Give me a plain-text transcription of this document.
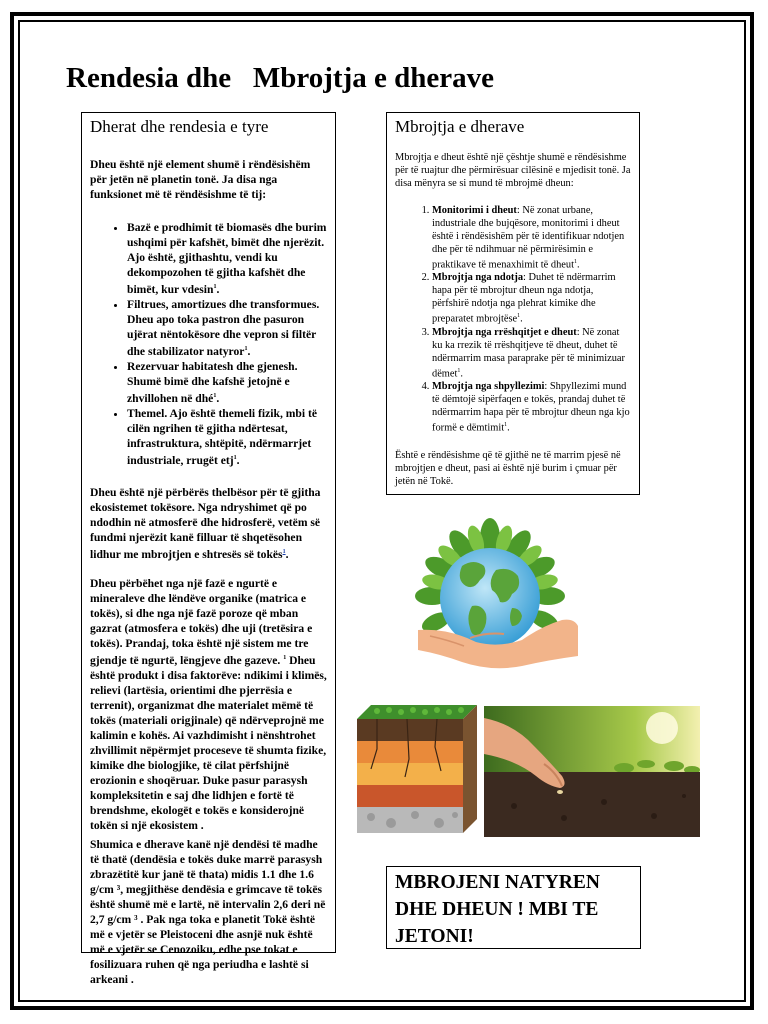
Rendesia dhe   Mbrojtja e dherave
Dherat dhe rendesia e tyre

Dheu është një element shumë i rëndësishëm për jetën në planetin tonë. Ja disa nga funksionet më të rëndësishme të tij:

• Bazë e prodhimit të biomasës dhe burim ushqimi për kafshët, bimët dhe njerëzit. Ajo është, gjithashtu, vendi ku dekompozohen të gjitha kafshët dhe bimët, kur vdesin$^1$.
• Filtrues, amortizues dhe transformues. Dheu apo toka pastron dhe pasuron ujërat nëntokësore dhe vepron si filtër dhe stabilizator natyror$^1$.
• Rezervuar habitatesh dhe gjenesh. Shumë bimë dhe kafshë jetojnë e zhvillohen në dhé$^1$.
• Themel. Ajo është themeli fizik, mbi të cilën ngrihen të gjitha ndërtesat, infrastruktura, shtëpitë, ndërmarrjet industriale, rrugët etj$^1$.

Dheu është një përbërës thelbësor për të gjitha ekosistemet tokësore. Nga ndryshimet që po ndodhin në atmosferë dhe hidrosferë, vetëm së fundmi njerëzit kanë filluar të shqetësohen lidhur me mbrojtjen e shtresës së tokës$^1$.

Dheu përbëhet nga një fazë e ngurtë e mineraleve dhe lëndëve organike (matrica e tokës), si dhe nga një fazë poroze që mban gazrat (atmosfera e tokës) dhe uji (tretësira e tokës). Prandaj, toka është një sistem me tre gjendje të ngurtë, lëngjeve dhe gazeve. $^1$ Dheu është produkt i disa faktorëve: ndikimi i klimës, relievi (lartësia, orientimi dhe pjerrësia e terrenit), organizmat dhe materialet mëmë të tokës (materiali origjinale) që ndërveprojnë me kalimin e kohës. Ai vazhdimisht i nënshtrohet zhvillimit nëpërmjet proceseve të shumta fizike, kimike dhe biologjike, të cilat përfshijnë erozionin e shoqëruar. Duke pasur parasysh kompleksitetin e saj dhe lidhjen e fortë të brendshme, ekologët e tokës e konsiderojnë tokën si një ekosistem .

Shumica e dherave kanë një dendësi të madhe të thatë (dendësia e tokës duke marrë parasysh zbrazëtitë kur janë të thata) midis 1.1 dhe 1.6 g/cm ³, megjithëse dendësia e grimcave të tokës është shumë më e lartë, në intervalin 2,6 deri në 2,7 g/cm ³ . Pak nga toka e planetit Tokë është më e vjetër se Pleistoceni dhe asnjë nuk është më e vjetër se Cenozoiku, edhe pse tokat e fosilizuara ruhen që nga periudha e lashtë si arkeani .

Mbrojtja e dherave

Mbrojtja e dheut është një çështje shumë e rëndësishme për të ruajtur dhe përmirësuar cilësinë e mjedisit tonë. Ja disa mënyra se si mund të mbrojmë dheun:

1. Monitorimi i dheut: Në zonat urbane, industriale dhe bujqësore, monitorimi i dheut është i rëndësishëm për të identifikuar ndotjen dhe për të ndihmuar në përmirësimin e praktikave të menaxhimit të dheut$^1$.
2. Mbrojtja nga ndotja: Duhet të ndërmarrim hapa për të mbrojtur dheun nga ndotja, përfshirë ndotja nga plehrat kimike dhe preparatet mbrojtëse$^1$.
3. Mbrojtja nga rrëshqitjet e dheut: Në zonat ku ka rrezik të rrëshqitjeve të dheut, duhet të ndërmarrim masa paraprake për të minimizuar dëmet$^1$.
4. Mbrojtja nga shpyllezimi: Shpyllezimi mund të dëmtojë sipërfaqen e tokës, prandaj duhet të ndërmarrim hapa për të mbrojtur dheun nga kjo formë e dëmtimit$^1$.

Është e rëndësishme që të gjithë ne të marrim pjesë në mbrojtjen e dheut, pasi ai është një burim i çmuar për jetën në Tokë.

MBROJENI NATYREN DHE DHEUN ! MBI TE JETONI!
